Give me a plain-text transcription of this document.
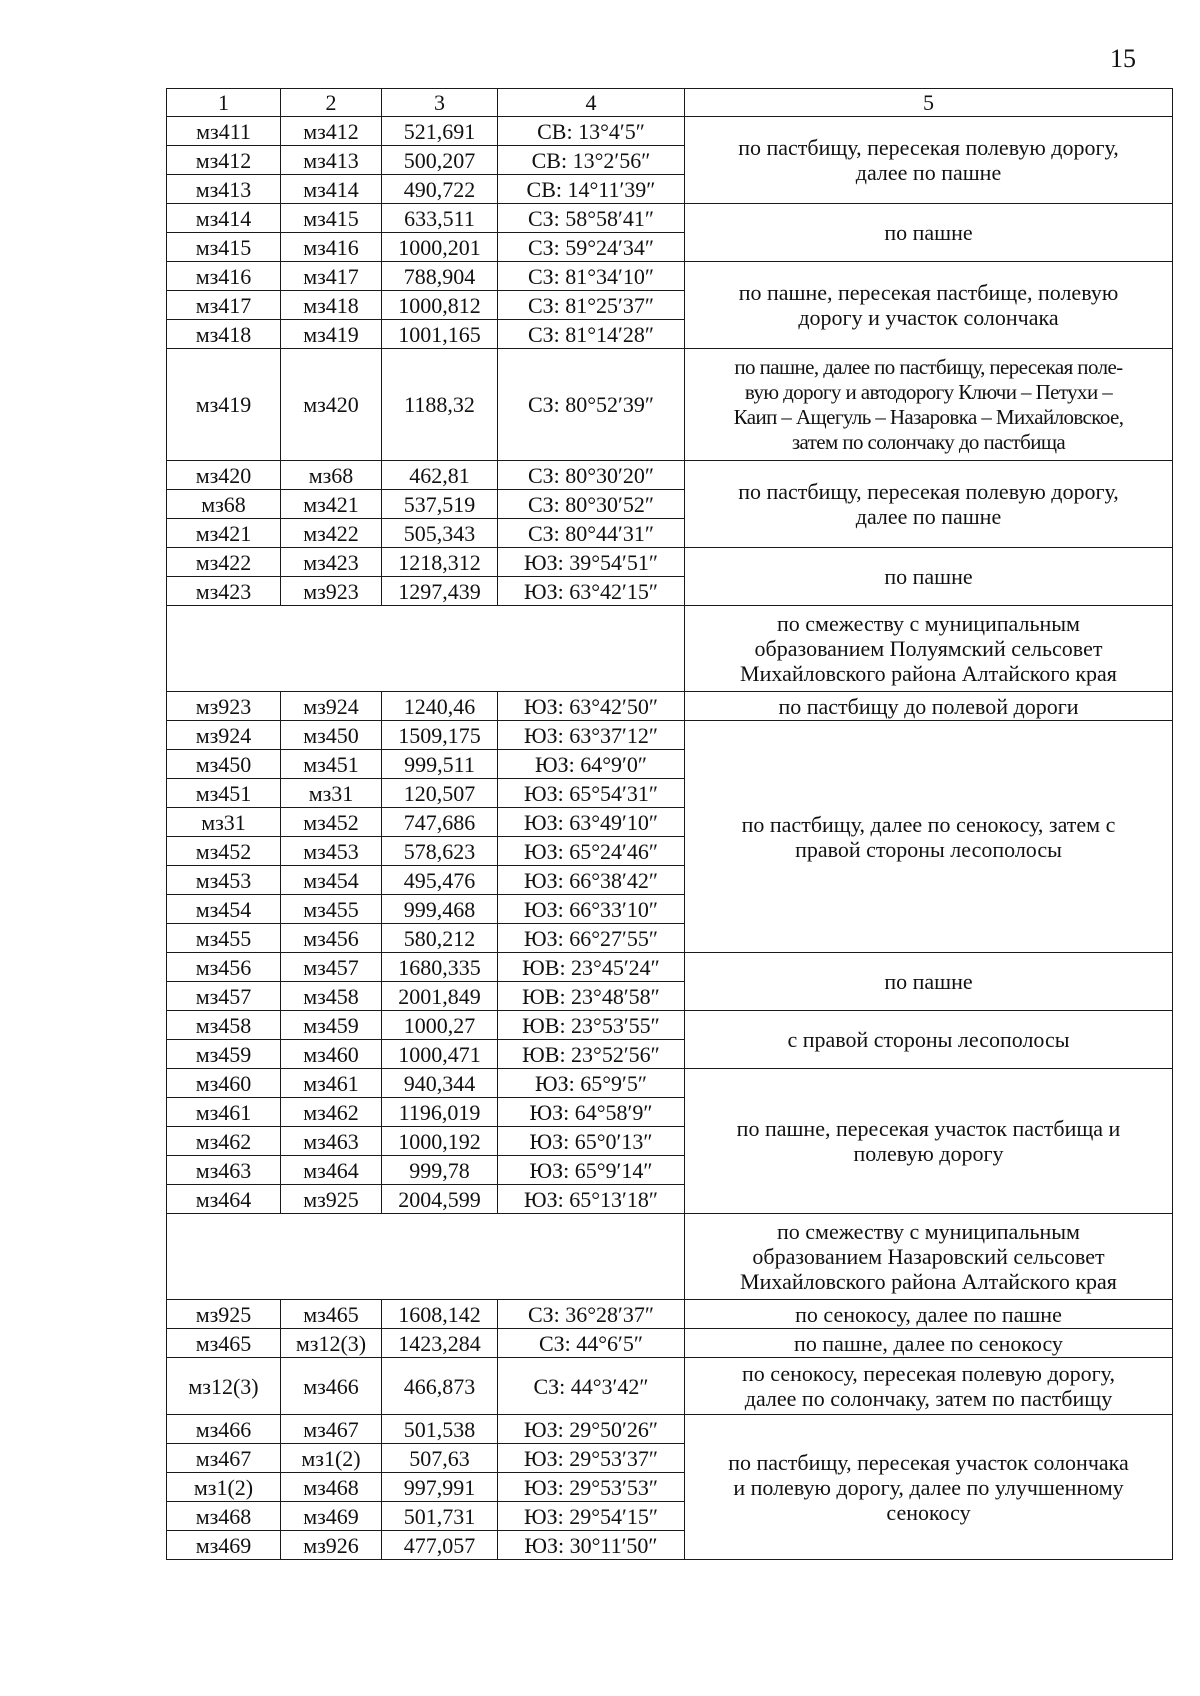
15
1	2	3	4	5
мз411	мз412	521,691	СВ: 13°4′5″	по пастбищу, пересекая полевую дорогу,
далее по пашне
мз412	мз413	500,207	СВ: 13°2′56″	
мз413	мз414	490,722	СВ: 14°11′39″	
мз414	мз415	633,511	СЗ: 58°58′41″	по пашне
мз415	мз416	1000,201	СЗ: 59°24′34″	
мз416	мз417	788,904	СЗ: 81°34′10″	по пашне, пересекая пастбище, полевую
дорогу и участок солончака
мз417	мз418	1000,812	СЗ: 81°25′37″	
мз418	мз419	1001,165	СЗ: 81°14′28″	
мз419	мз420	1188,32	СЗ: 80°52′39″	по пашне, далее по пастбищу, пересекая поле-
вую дорогу и автодорогу Ключи – Петухи –
Каип – Ащегуль – Назаровка – Михайловское,
затем по солончаку до пастбища
мз420	мз68	462,81	СЗ: 80°30′20″	по пастбищу, пересекая полевую дорогу,
далее по пашне
мз68	мз421	537,519	СЗ: 80°30′52″	
мз421	мз422	505,343	СЗ: 80°44′31″	
мз422	мз423	1218,312	ЮЗ: 39°54′51″	по пашне
мз423	мз923	1297,439	ЮЗ: 63°42′15″	
				по смежеству с муниципальным
образованием Полуямский сельсовет
Михайловского района Алтайского края
мз923	мз924	1240,46	ЮЗ: 63°42′50″	по пастбищу до полевой дороги
мз924	мз450	1509,175	ЮЗ: 63°37′12″	по пастбищу, далее по сенокосу, затем с
правой стороны лесополосы
мз450	мз451	999,511	ЮЗ: 64°9′0″	
мз451	мз31	120,507	ЮЗ: 65°54′31″	
мз31	мз452	747,686	ЮЗ: 63°49′10″	
мз452	мз453	578,623	ЮЗ: 65°24′46″	
мз453	мз454	495,476	ЮЗ: 66°38′42″	
мз454	мз455	999,468	ЮЗ: 66°33′10″	
мз455	мз456	580,212	ЮЗ: 66°27′55″	
мз456	мз457	1680,335	ЮВ: 23°45′24″	по пашне
мз457	мз458	2001,849	ЮВ: 23°48′58″	
мз458	мз459	1000,27	ЮВ: 23°53′55″	с правой стороны лесополосы
мз459	мз460	1000,471	ЮВ: 23°52′56″	
мз460	мз461	940,344	ЮЗ: 65°9′5″	по пашне, пересекая участок пастбища и
полевую дорогу
мз461	мз462	1196,019	ЮЗ: 64°58′9″	
мз462	мз463	1000,192	ЮЗ: 65°0′13″	
мз463	мз464	999,78	ЮЗ: 65°9′14″	
мз464	мз925	2004,599	ЮЗ: 65°13′18″	
				по смежеству с муниципальным
образованием Назаровский сельсовет
Михайловского района Алтайского края
мз925	мз465	1608,142	СЗ: 36°28′37″	по сенокосу, далее по пашне
мз465	мз12(3)	1423,284	СЗ: 44°6′5″	по пашне, далее по сенокосу
мз12(3)	мз466	466,873	СЗ: 44°3′42″	по сенокосу, пересекая полевую дорогу,
далее по солончаку, затем по пастбищу
мз466	мз467	501,538	ЮЗ: 29°50′26″	по пастбищу, пересекая участок солончака
и полевую дорогу, далее по улучшенному
сенокосу
мз467	мз1(2)	507,63	ЮЗ: 29°53′37″	
мз1(2)	мз468	997,991	ЮЗ: 29°53′53″	
мз468	мз469	501,731	ЮЗ: 29°54′15″	
мз469	мз926	477,057	ЮЗ: 30°11′50″	
